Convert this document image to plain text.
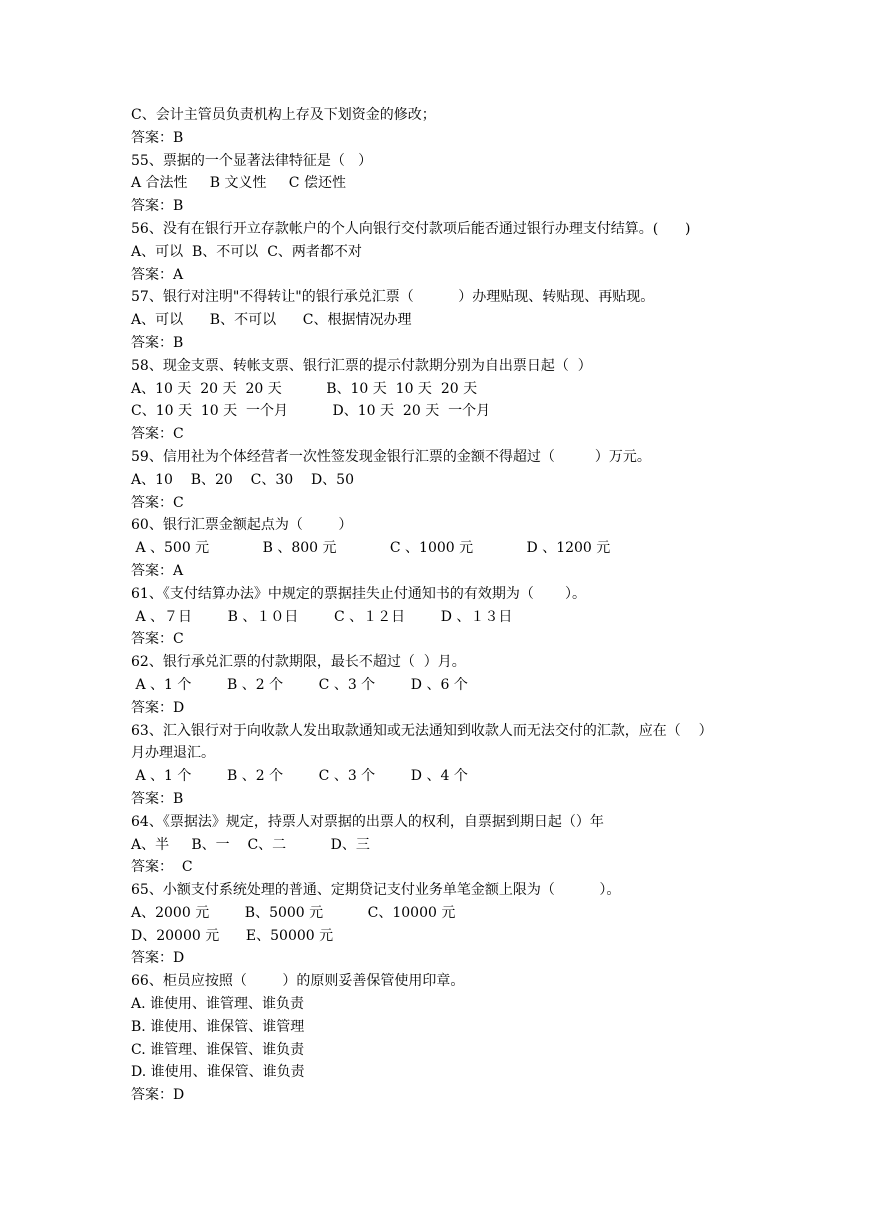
C、会计主管员负责机构上存及下划资金的修改；
答案：B
55、票据的一个显著法律特征是（   ）
A 合法性     B 文义性     C 偿还性
答案：B
56、没有在银行开立存款帐户的个人向银行交付款项后能否通过银行办理支付结算。(      )
A、可以  B、不可以  C、两者都不对
答案：A
57、银行对注明"不得转让"的银行承兑汇票（          ）办理贴现、转贴现、再贴现。
A、可以      B、不可以      C、根据情况办理
答案：B
58、现金支票、转帐支票、银行汇票的提示付款期分别为自出票日起（  ）
A、10 天  20 天  20 天          B、10 天  10 天  20 天
C、10 天  10 天  一个月          D、10 天  20 天  一个月
答案：C
59、信用社为个体经营者一次性签发现金银行汇票的金额不得超过（         ）万元。
A、10    B、20    C、30    D、50
答案：C
60、银行汇票金额起点为（        ）
A 、500 元            B 、800 元            C 、1000 元            D 、1200 元
答案：A
61、《支付结算办法》中规定的票据挂失止付通知书的有效期为（       ）。
A 、７日        B 、１０日        C 、１２日        D 、１３日
答案：C
62、银行承兑汇票的付款期限，最长不超过（  ）月。
A 、1 个        B 、2 个        C 、3 个        D 、6 个
答案：D
63、汇入银行对于向收款人发出取款通知或无法通知到收款人而无法交付的汇款，应在（    ）
月办理退汇。
A 、1 个        B 、2 个        C 、3 个        D 、4 个
答案：B
64、《票据法》规定，持票人对票据的出票人的权利，自票据到期日起（）年
A、半     B、一    C、二          D、三
答案：  C
65、小额支付系统处理的普通、定期贷记支付业务单笔金额上限为（          ）。
A、2000 元        B、5000 元          C、10000 元
D、20000 元      E、50000 元
答案：D
66、柜员应按照（        ）的原则妥善保管使用印章。
A. 谁使用、谁管理、谁负责
B. 谁使用、谁保管、谁管理
C. 谁管理、谁保管、谁负责
D. 谁使用、谁保管、谁负责
答案：D
